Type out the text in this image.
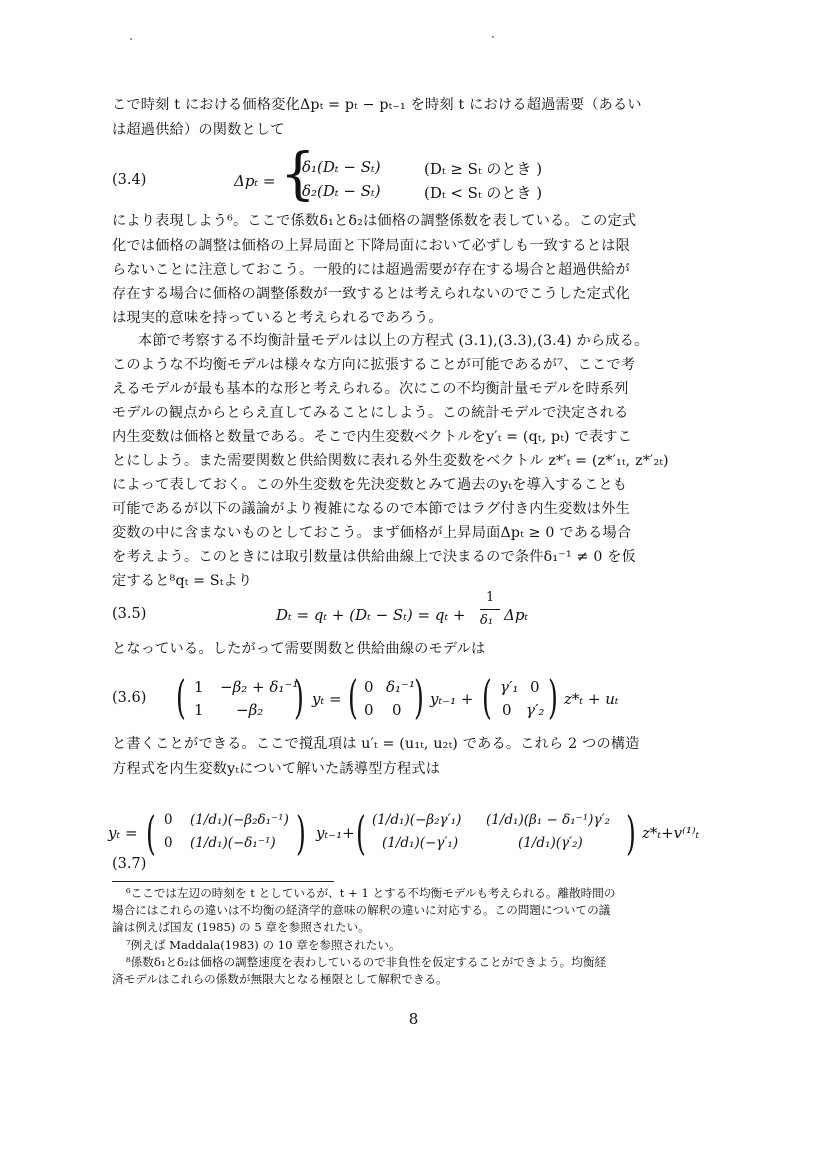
こで時刻 t における価格変化Δpₜ = pₜ − pₜ₋₁ を時刻 t における超過需要（あるい
は超過供給）の関数として
(3.4)	Δpₜ = {
δ₁(Dₜ − Sₜ)	(Dₜ ≥ Sₜ のとき )
δ₂(Dₜ − Sₜ)	(Dₜ < Sₜ のとき )
により表現しよう⁶。ここで係数δ₁とδ₂は価格の調整係数を表している。この定式
化では価格の調整は価格の上昇局面と下降局面において必ずしも一致するとは限
らないことに注意しておこう。一般的には超過需要が存在する場合と超過供給が
存在する場合に価格の調整係数が一致するとは考えられないのでこうした定式化
は現実的意味を持っていると考えられるであろう。
本節で考察する不均衡計量モデルは以上の方程式 (3.1),(3.3),(3.4) から成る。
このような不均衡モデルは様々な方向に拡張することが可能であるが⁷、ここで考
えるモデルが最も基本的な形と考えられる。次にこの不均衡計量モデルを時系列
モデルの観点からとらえ直してみることにしよう。この統計モデルで決定される
内生変数は価格と数量である。そこで内生変数ベクトルをy′ₜ = (qₜ, pₜ) で表すこ
とにしよう。また需要関数と供給関数に表れる外生変数をベクトル z*′ₜ = (z*′₁ₜ, z*′₂ₜ)
によって表しておく。この外生変数を先決変数とみて過去のyₜを導入することも
可能であるが以下の議論がより複雑になるので本節ではラグ付き内生変数は外生
変数の中に含まないものとしておこう。まず価格が上昇局面Δpₜ ≥ 0 である場合
を考えよう。このときには取引数量は供給曲線上で決まるので条件δ₁⁻¹ ≠ 0 を仮
定すると⁸qₜ = Sₜより
(3.5)	Dₜ = qₜ + (Dₜ − Sₜ) = qₜ +
1
δ₁ Δpₜ
となっている。したがって需要関数と供給曲線のモデルは
(3.6) ( 1 −β₂ + δ₁⁻¹
1 −β₂ ) yₜ = ( 0 δ₁⁻¹
0 0 ) yₜ₋₁ + ( γ′₁ 0
0 γ′₂ ) z*ₜ + uₜ
と書くことができる。ここで撹乱項は u′ₜ = (u₁ₜ, u₂ₜ) である。これら 2 つの構造
方程式を内生変数yₜについて解いた誘導型方程式は
yₜ = ( 0 (1/d₁)(−β₂δ₁⁻¹)
0 (1/d₁)(−δ₁⁻¹) ) yₜ₋₁+ ( (1/d₁)(−β₂γ′₁) (1/d₁)(β₁ − δ₁⁻¹)γ′₂
(1/d₁)(−γ′₁)	(1/d₁)(γ′₂) ) z*ₜ+v⁽¹⁾ₜ
(3.7)
⁶ここでは左辺の時刻を t としているが、t + 1 とする不均衡モデルも考えられる。離散時間の
場合にはこれらの違いは不均衡の経済学的意味の解釈の違いに対応する。この問題についての議
論は例えば国友 (1985) の 5 章を参照されたい。
⁷例えば Maddala(1983) の 10 章を参照されたい。
⁸係数δ₁とδ₂は価格の調整速度を表わしているので非負性を仮定することができよう。均衡経
済モデルはこれらの係数が無限大となる極限として解釈できる。
8
